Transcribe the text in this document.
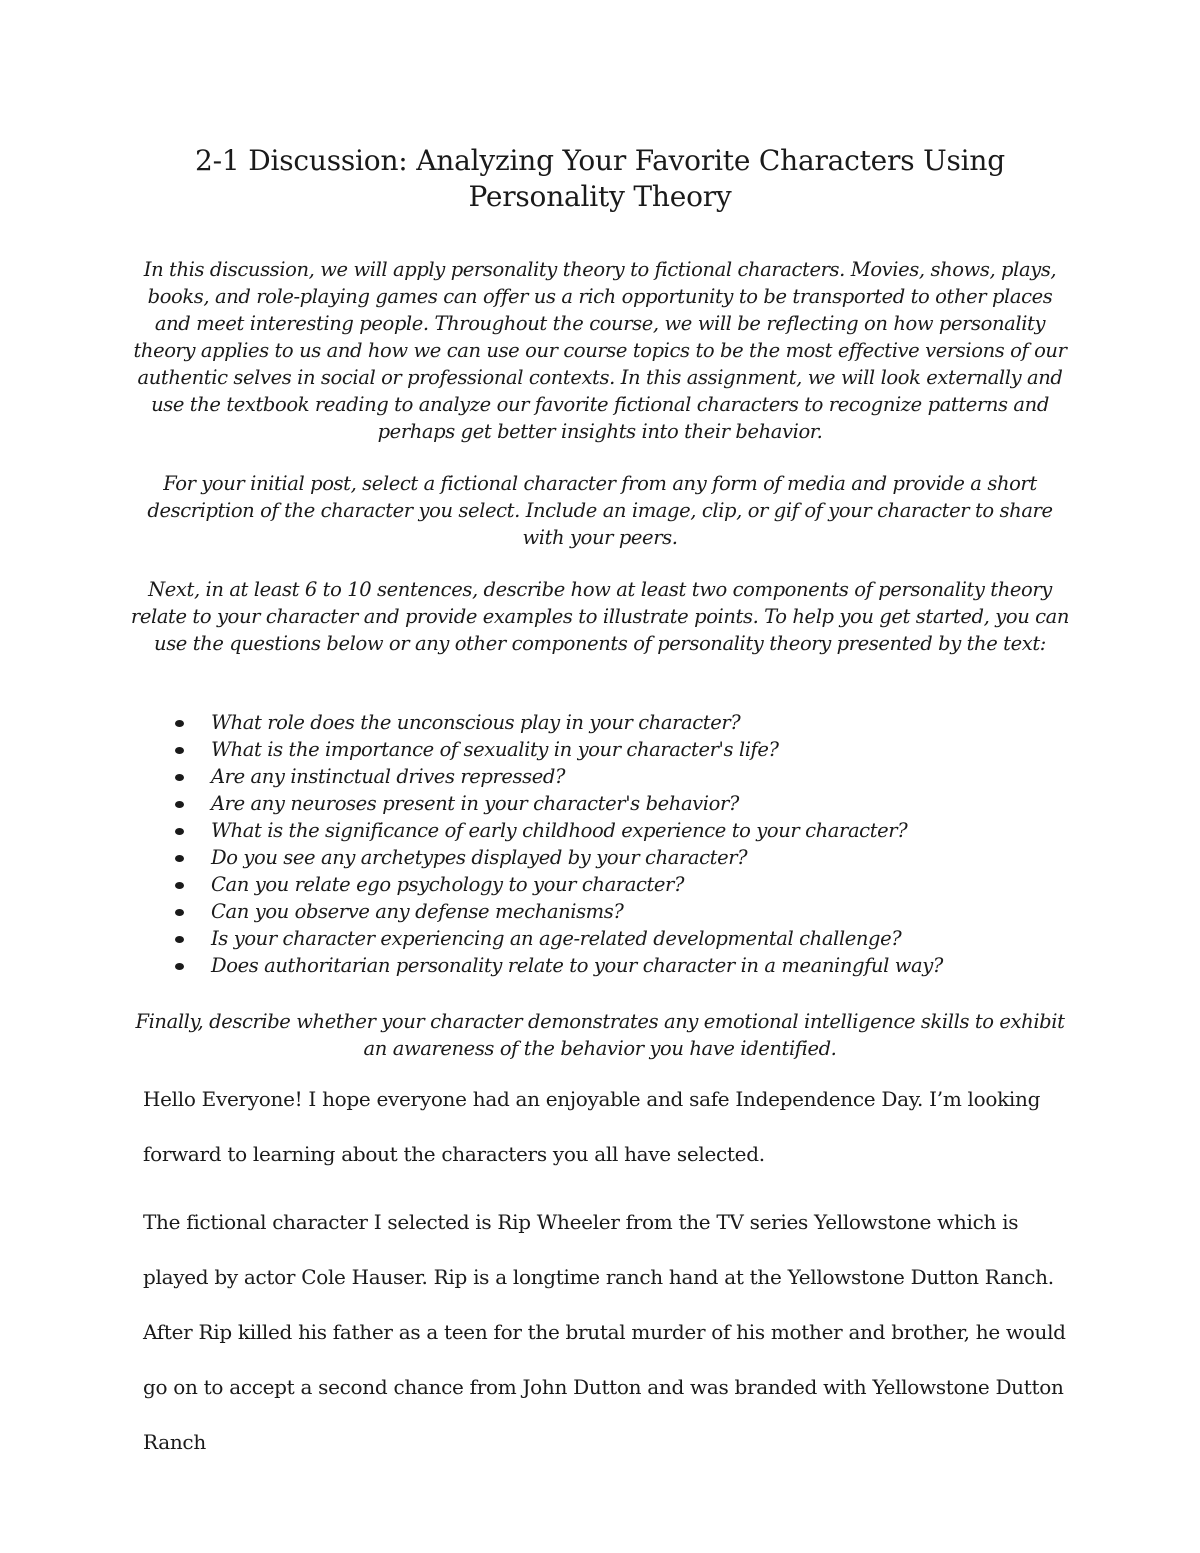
2-1 Discussion: Analyzing Your Favorite Characters Using Personality Theory

In this discussion, we will apply personality theory to fictional characters. Movies, shows, plays, books, and role-playing games can offer us a rich opportunity to be transported to other places and meet interesting people. Throughout the course, we will be reflecting on how personality theory applies to us and how we can use our course topics to be the most effective versions of our authentic selves in social or professional contexts. In this assignment, we will look externally and use the textbook reading to analyze our favorite fictional characters to recognize patterns and perhaps get better insights into their behavior.

For your initial post, select a fictional character from any form of media and provide a short description of the character you select. Include an image, clip, or gif of your character to share with your peers.

Next, in at least 6 to 10 sentences, describe how at least two components of personality theory relate to your character and provide examples to illustrate points. To help you get started, you can use the questions below or any other components of personality theory presented by the text:

What role does the unconscious play in your character?
What is the importance of sexuality in your character's life?
Are any instinctual drives repressed?
Are any neuroses present in your character's behavior?
What is the significance of early childhood experience to your character?
Do you see any archetypes displayed by your character?
Can you relate ego psychology to your character?
Can you observe any defense mechanisms?
Is your character experiencing an age-related developmental challenge?
Does authoritarian personality relate to your character in a meaningful way?

Finally, describe whether your character demonstrates any emotional intelligence skills to exhibit an awareness of the behavior you have identified.

Hello Everyone! I hope everyone had an enjoyable and safe Independence Day. I’m looking forward to learning about the characters you all have selected.

The fictional character I selected is Rip Wheeler from the TV series Yellowstone which is played by actor Cole Hauser. Rip is a longtime ranch hand at the Yellowstone Dutton Ranch. After Rip killed his father as a teen for the brutal murder of his mother and brother, he would go on to accept a second chance from John Dutton and was branded with Yellowstone Dutton Ranch
